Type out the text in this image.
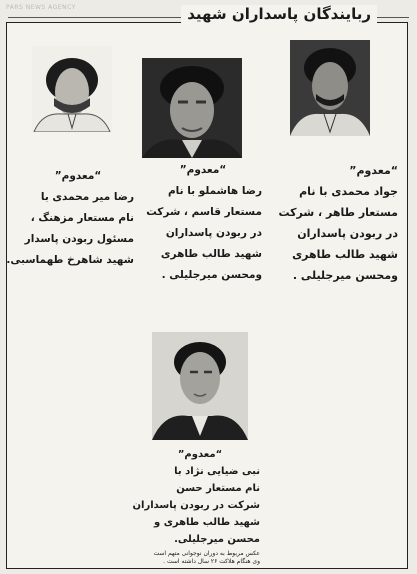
PARS NEWS AGENCY	ربایندگان پاسداران شهید
“معدوم”
رضا میر محمدی با
نام مستعار مزهنگ ،
مسئول ربودن پاسدار
شهید شاهرخ طهماسبی.
“معدوم”
رضا هاشملو با نام
مستعار قاسم ، شرکت
در ربودن پاسداران
شهید طالب طاهری
ومحسن میرجلیلی .
“معدوم”
جواد محمدی با نام
مستعار طاهر ، شرکت
در ربودن پاسداران
شهید طالب طاهری
ومحسن میرجلیلی .
“معدوم”
نبی ضیایی نژاد با
نام مستعار حسن
شرکت در ربودن پاسداران
شهید طالب طاهری و
محسن میرجلیلی.
عکس مربوط به دوران نوجوانی متهم است
وی هنگام هلاکت ۲۶ سال داشته است .
